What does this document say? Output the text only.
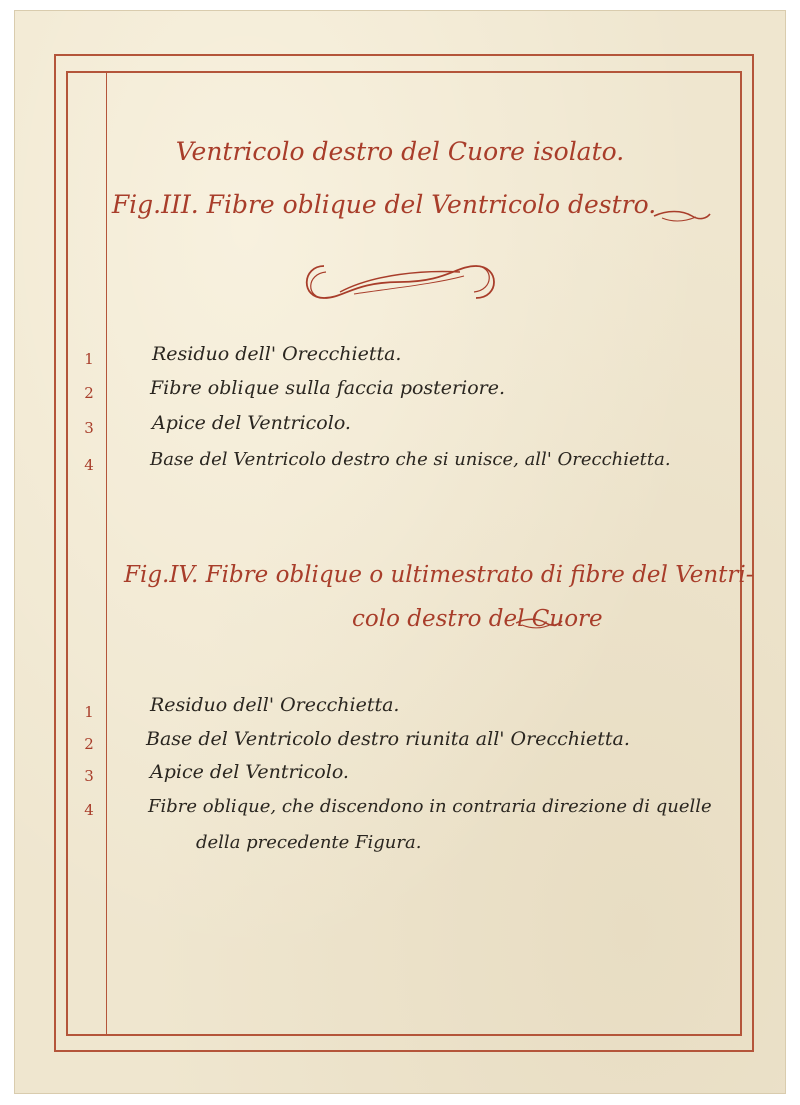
Ventricolo destro del Cuore isolato.
Fig.III. Fibre oblique del Ventricolo destro.
1	Residuo dell' Orecchietta.
2	Fibre oblique sulla faccia posteriore.
3	Apice del Ventricolo.
4	Base del Ventricolo destro che si unisce, all' Orecchietta.
Fig.IV. Fibre oblique o ultimestrato di fibre del Ventri-
colo destro del Cuore
1	Residuo dell' Orecchietta.
2	Base del Ventricolo destro riunita all' Orecchietta.
3	Apice del Ventricolo.
4	Fibre oblique, che discendono in contraria direzione di quelle
della precedente Figura.
